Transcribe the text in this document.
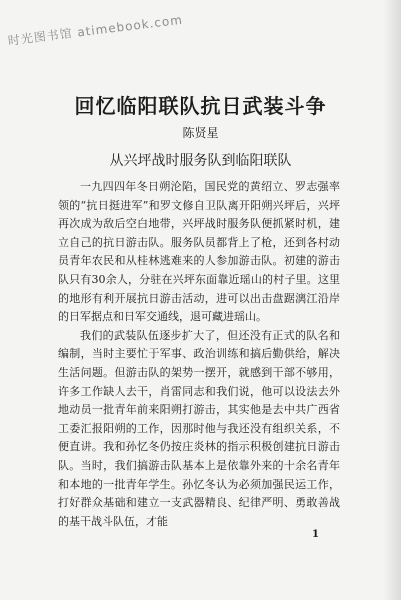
时光图书馆 atimebook.com
回忆临阳联队抗日武装斗争
陈贤星
从兴坪战时服务队到临阳联队

一九四四年冬日朔沦陷，国民党的黄绍立、罗志强率领的“抗日挺进军”和罗文修自卫队离开阳朔兴坪后，兴坪再次成为敌后空白地带，兴坪战时服务队便抓紧时机，建立自己的抗日游击队。服务队员都背上了枪，还到各村动员青年农民和从桂林逃难来的人参加游击队。初建的游击队只有30余人，分驻在兴坪东面靠近瑶山的村子里。这里的地形有利开展抗日游击活动，进可以出击盘踞漓江沿岸的日军据点和日军交通线，退可藏进瑶山。

我们的武装队伍逐步扩大了，但还没有正式的队名和编制，当时主要忙于军事、政治训练和搞后勤供给，解决生活问题。但游击队的架势一摆开，就感到干部不够用，许多工作缺人去干，肖雷同志和我们说，他可以设法去外地动员一批青年前来阳朔打游击，其实他是去中共广西省工委汇报阳朔的工作，因那时他与我还没有组织关系，不便直讲。我和孙忆冬仍按庄炎林的指示积极创建抗日游击队。当时，我们搞游击队基本上是依靠外来的十余名青年和本地的一批青年学生。孙忆冬认为必须加强民运工作，打好群众基础和建立一支武器精良、纪律严明、勇敢善战的基干战斗队伍，才能

1
